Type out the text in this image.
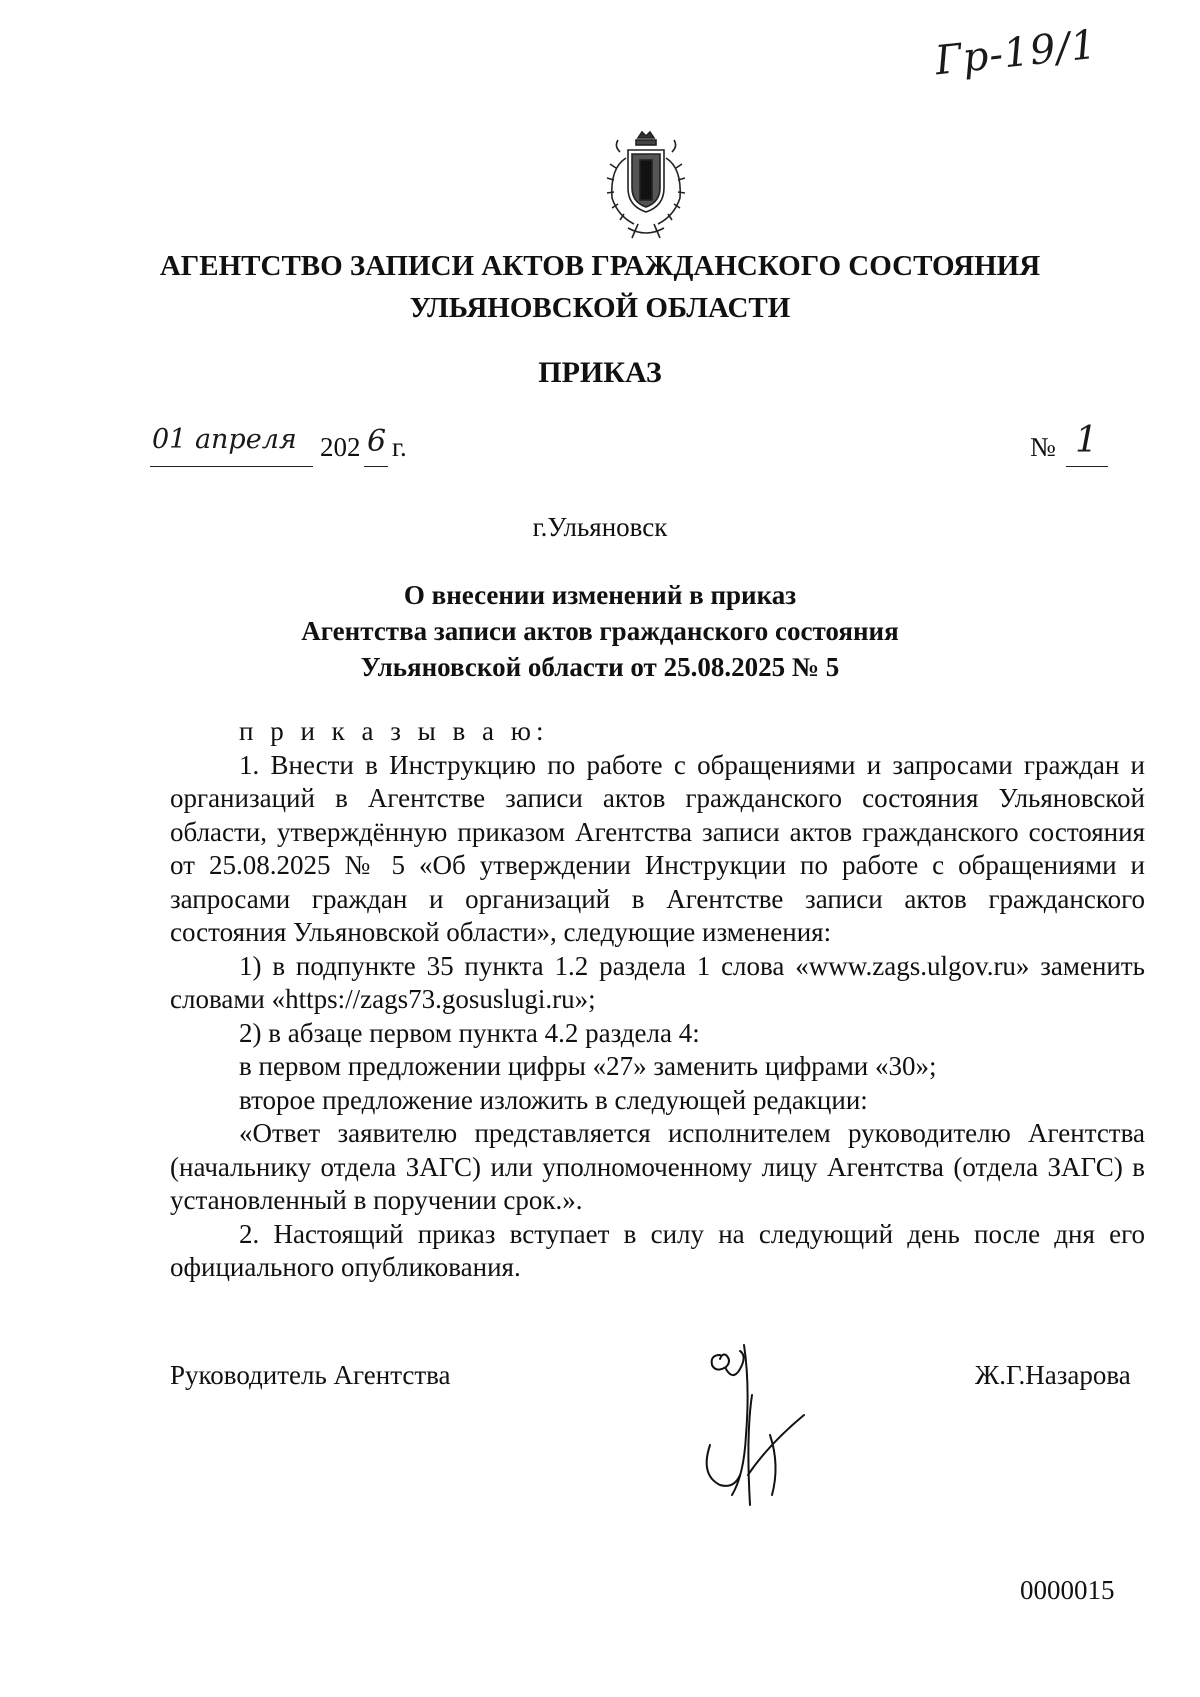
Гр-19/1
АГЕНТСТВО ЗАПИСИ АКТОВ ГРАЖДАНСКОГО СОСТОЯНИЯ
УЛЬЯНОВСКОЙ ОБЛАСТИ
ПРИКАЗ
01 апреля 202 6 г.	№ 1
г.Ульяновск
О внесении изменений в приказ
Агентства записи актов гражданского состояния
Ульяновской области от 25.08.2025 № 5

п р и к а з ы в а ю:

1. Внести в Инструкцию по работе с обращениями и запросами граждан и организаций в Агентстве записи актов гражданского состояния Ульяновской области, утверждённую приказом Агентства записи актов гражданского состояния от 25.08.2025 № 5 «Об утверждении Инструкции по работе с обращениями и запросами граждан и организаций в Агентстве записи актов гражданского состояния Ульяновской области», следующие изменения:

1) в подпункте 35 пункта 1.2 раздела 1 слова «www.zags.ulgov.ru» заменить словами «https://zags73.gosuslugi.ru»;

2) в абзаце первом пункта 4.2 раздела 4:

в первом предложении цифры «27» заменить цифрами «30»;

второе предложение изложить в следующей редакции:

«Ответ заявителю представляется исполнителем руководителю Агентства (начальнику отдела ЗАГС) или уполномоченному лицу Агентства (отдела ЗАГС) в установленный в поручении срок.».

2. Настоящий приказ вступает в силу на следующий день после дня его официального опубликования.

Руководитель Агентства	Ж.Г.Назарова
0000015
